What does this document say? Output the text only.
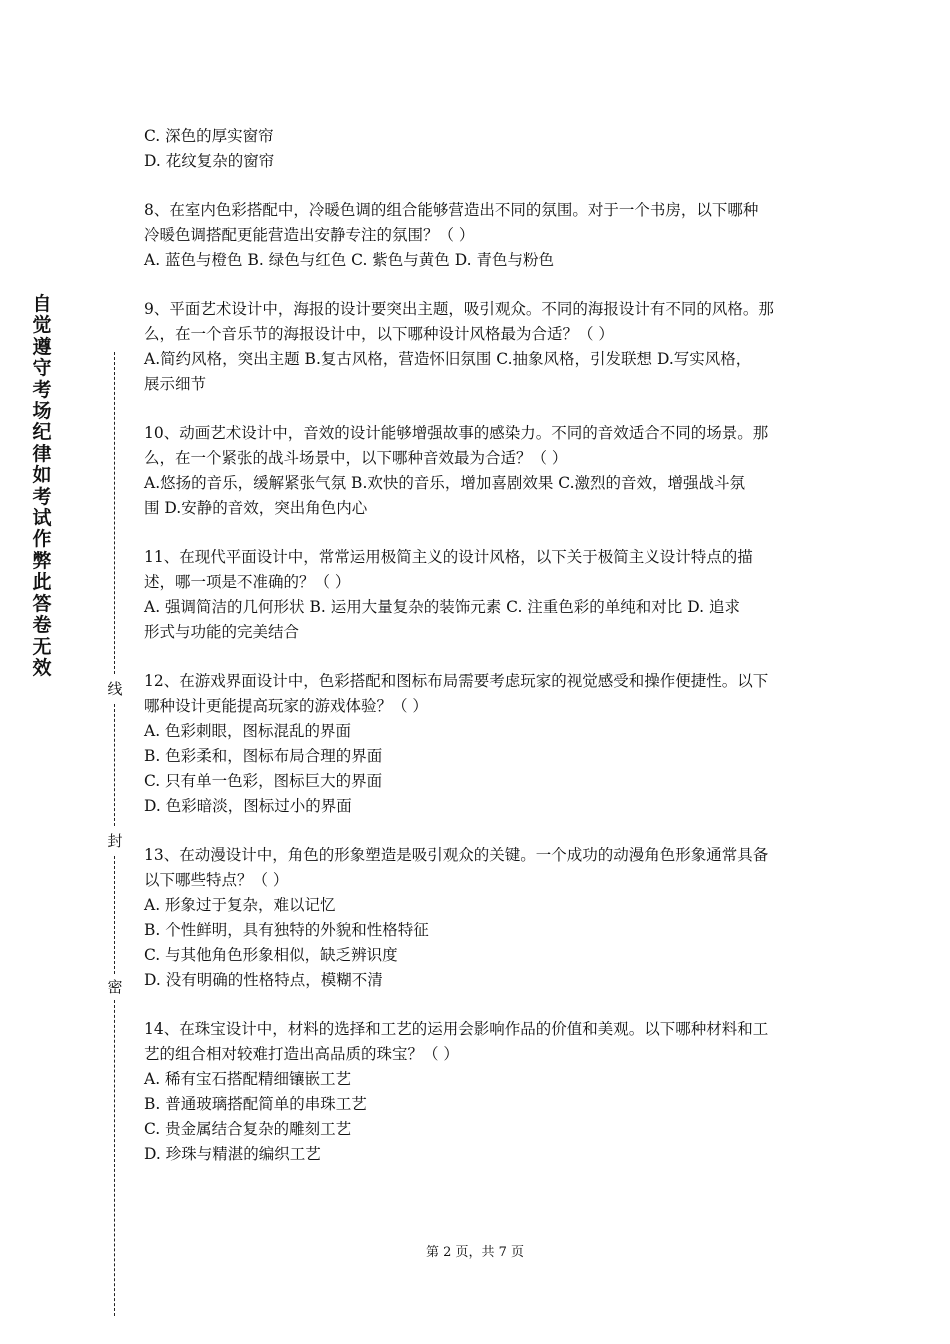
自觉遵守考场纪律如考试作弊此答卷无效
线
封
密
C. 深色的厚实窗帘
D. 花纹复杂的窗帘
8、在室内色彩搭配中，冷暖色调的组合能够营造出不同的氛围。对于一个书房，以下哪种
冷暖色调搭配更能营造出安静专注的氛围？（ ）
A. 蓝色与橙色 B. 绿色与红色 C. 紫色与黄色 D. 青色与粉色
9、平面艺术设计中，海报的设计要突出主题，吸引观众。不同的海报设计有不同的风格。那
么，在一个音乐节的海报设计中，以下哪种设计风格最为合适？（ ）
A.简约风格，突出主题 B.复古风格，营造怀旧氛围 C.抽象风格，引发联想 D.写实风格，
展示细节
10、动画艺术设计中，音效的设计能够增强故事的感染力。不同的音效适合不同的场景。那
么，在一个紧张的战斗场景中，以下哪种音效最为合适？（ ）
A.悠扬的音乐，缓解紧张气氛 B.欢快的音乐，增加喜剧效果 C.激烈的音效，增强战斗氛
围 D.安静的音效，突出角色内心
11、在现代平面设计中，常常运用极简主义的设计风格，以下关于极简主义设计特点的描
述，哪一项是不准确的？（ ）
A. 强调简洁的几何形状 B. 运用大量复杂的装饰元素 C. 注重色彩的单纯和对比 D. 追求
形式与功能的完美结合
12、在游戏界面设计中，色彩搭配和图标布局需要考虑玩家的视觉感受和操作便捷性。以下
哪种设计更能提高玩家的游戏体验？（ ）
A. 色彩刺眼，图标混乱的界面
B. 色彩柔和，图标布局合理的界面
C. 只有单一色彩，图标巨大的界面
D. 色彩暗淡，图标过小的界面
13、在动漫设计中，角色的形象塑造是吸引观众的关键。一个成功的动漫角色形象通常具备
以下哪些特点？（ ）
A. 形象过于复杂，难以记忆
B. 个性鲜明，具有独特的外貌和性格特征
C. 与其他角色形象相似，缺乏辨识度
D. 没有明确的性格特点，模糊不清
14、在珠宝设计中，材料的选择和工艺的运用会影响作品的价值和美观。以下哪种材料和工
艺的组合相对较难打造出高品质的珠宝？（ ）
A. 稀有宝石搭配精细镶嵌工艺
B. 普通玻璃搭配简单的串珠工艺
C. 贵金属结合复杂的雕刻工艺
D. 珍珠与精湛的编织工艺
第 2 页，共 7 页
